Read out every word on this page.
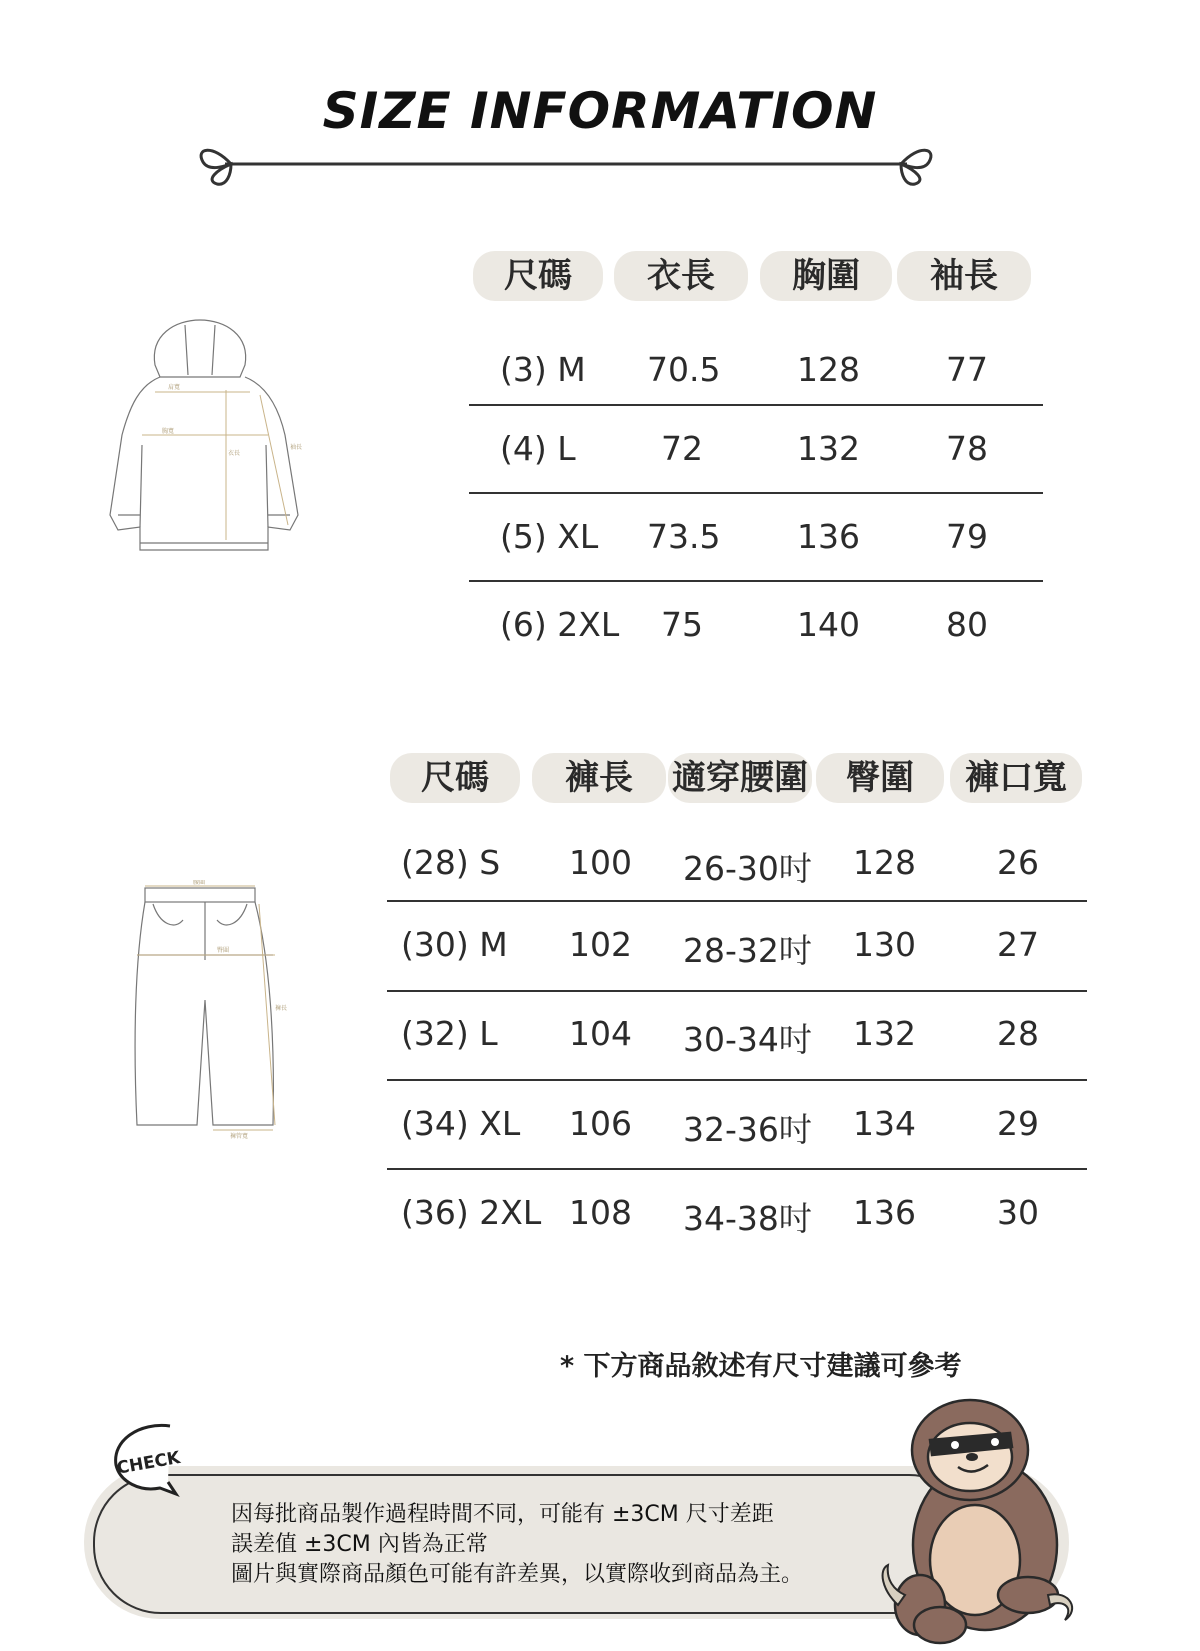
SIZE INFORMATION
肩寬
胸寬
衣長
袖長
腰圍
臀圍
褲長
褲管寬
尺碼	衣長	胸圍	袖長
(3) M 70.5 128	77
(4) L	72	132	78
(5) XL 73.5 136	79
(6) 2XL 75	140	80
尺碼	褲長	適穿腰圍	臀圍	褲口寬
(28) S 100 26-30吋 128 26
(30) M 102 28-32吋 130 27
(32) L 104 30-34吋 132 28
(34) XL 106 32-36吋 134 29
(36) 2XL 108 34-38吋 136 30
* 下方商品敘述有尺寸建議可參考
CHECK
因每批商品製作過程時間不同，可能有 ±3CM 尺寸差距
誤差值 ±3CM 內皆為正常
圖片與實際商品顏色可能有許差異，以實際收到商品為主。
